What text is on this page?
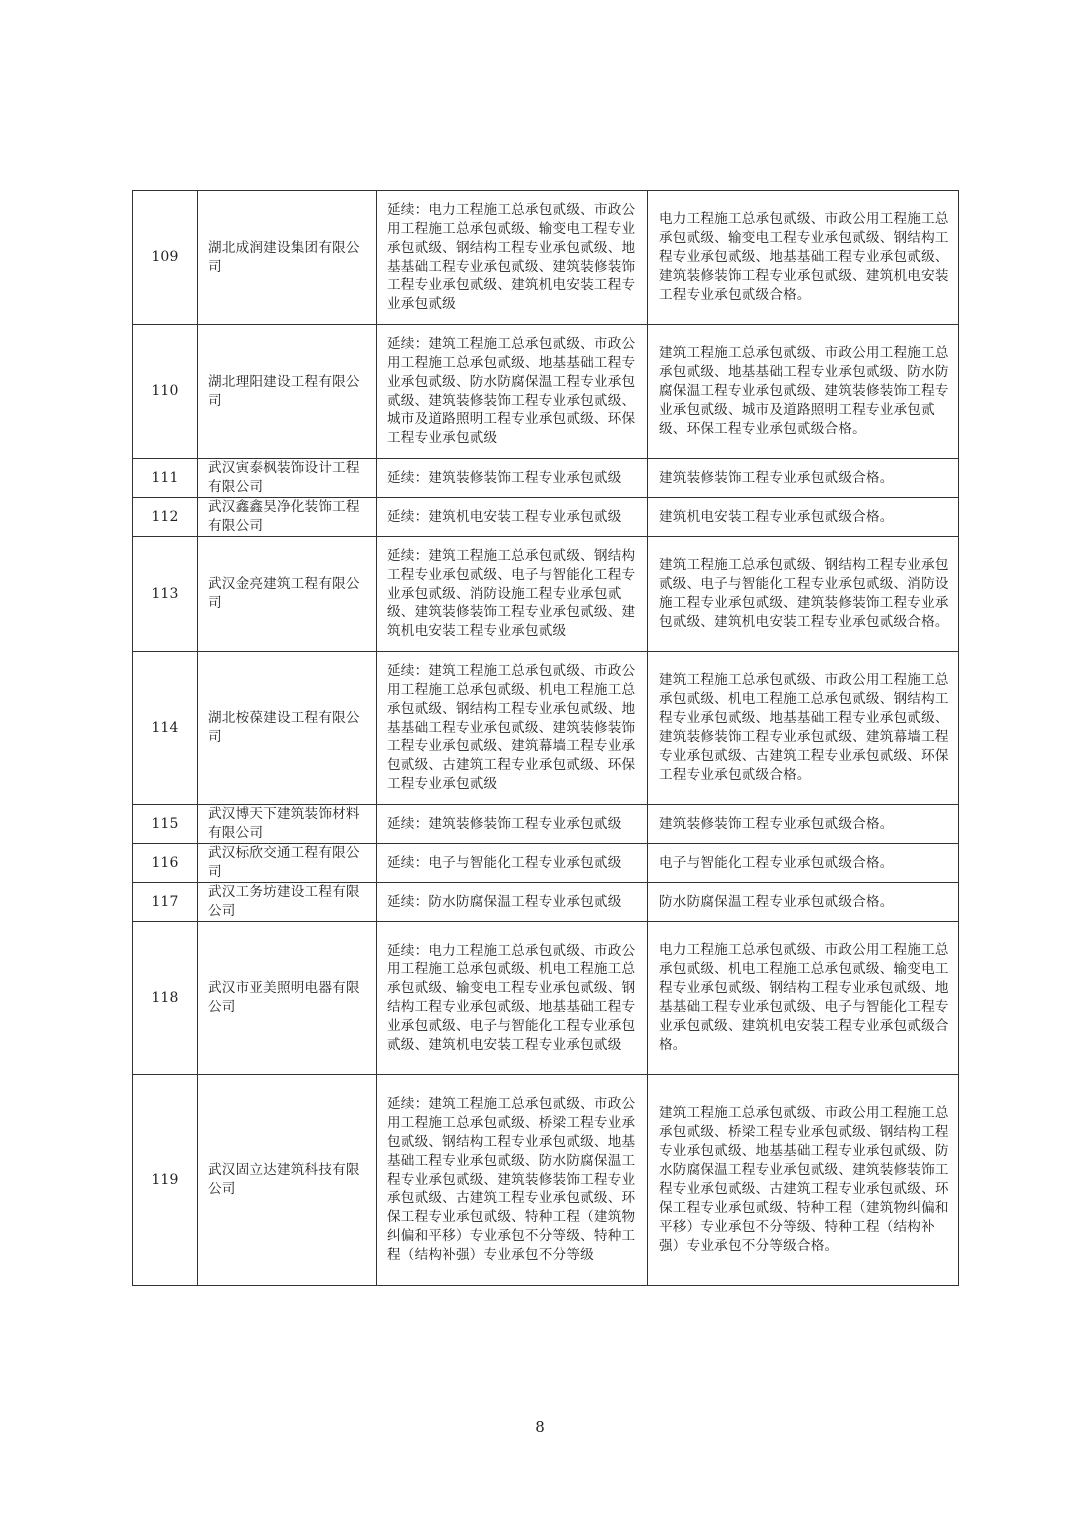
109	湖北成润建设集团有限公司	延续：电力工程施工总承包贰级、市政公用工程施工总承包贰级、输变电工程专业承包贰级、钢结构工程专业承包贰级、地基基础工程专业承包贰级、建筑装修装饰工程专业承包贰级、建筑机电安装工程专业承包贰级	电力工程施工总承包贰级、市政公用工程施工总承包贰级、输变电工程专业承包贰级、钢结构工程专业承包贰级、地基基础工程专业承包贰级、建筑装修装饰工程专业承包贰级、建筑机电安装工程专业承包贰级合格。
110	湖北理阳建设工程有限公司	延续：建筑工程施工总承包贰级、市政公用工程施工总承包贰级、地基基础工程专业承包贰级、防水防腐保温工程专业承包贰级、建筑装修装饰工程专业承包贰级、城市及道路照明工程专业承包贰级、环保工程专业承包贰级	建筑工程施工总承包贰级、市政公用工程施工总承包贰级、地基基础工程专业承包贰级、防水防腐保温工程专业承包贰级、建筑装修装饰工程专业承包贰级、城市及道路照明工程专业承包贰级、环保工程专业承包贰级合格。
111	武汉寅泰枫装饰设计工程有限公司	延续：建筑装修装饰工程专业承包贰级	建筑装修装饰工程专业承包贰级合格。
112	武汉鑫鑫昊净化装饰工程有限公司	延续：建筑机电安装工程专业承包贰级	建筑机电安装工程专业承包贰级合格。
113	武汉金亮建筑工程有限公司	延续：建筑工程施工总承包贰级、钢结构工程专业承包贰级、电子与智能化工程专业承包贰级、消防设施工程专业承包贰级、建筑装修装饰工程专业承包贰级、建筑机电安装工程专业承包贰级	建筑工程施工总承包贰级、钢结构工程专业承包贰级、电子与智能化工程专业承包贰级、消防设施工程专业承包贰级、建筑装修装饰工程专业承包贰级、建筑机电安装工程专业承包贰级合格。
114	湖北桉葆建设工程有限公司	延续：建筑工程施工总承包贰级、市政公用工程施工总承包贰级、机电工程施工总承包贰级、钢结构工程专业承包贰级、地基基础工程专业承包贰级、建筑装修装饰工程专业承包贰级、建筑幕墙工程专业承包贰级、古建筑工程专业承包贰级、环保工程专业承包贰级	建筑工程施工总承包贰级、市政公用工程施工总承包贰级、机电工程施工总承包贰级、钢结构工程专业承包贰级、地基基础工程专业承包贰级、建筑装修装饰工程专业承包贰级、建筑幕墙工程专业承包贰级、古建筑工程专业承包贰级、环保工程专业承包贰级合格。
115	武汉博天下建筑装饰材料有限公司	延续：建筑装修装饰工程专业承包贰级	建筑装修装饰工程专业承包贰级合格。
116	武汉标欣交通工程有限公司	延续：电子与智能化工程专业承包贰级	电子与智能化工程专业承包贰级合格。
117	武汉工务坊建设工程有限公司	延续：防水防腐保温工程专业承包贰级	防水防腐保温工程专业承包贰级合格。
118	武汉市亚美照明电器有限公司	延续：电力工程施工总承包贰级、市政公用工程施工总承包贰级、机电工程施工总承包贰级、输变电工程专业承包贰级、钢结构工程专业承包贰级、地基基础工程专业承包贰级、电子与智能化工程专业承包贰级、建筑机电安装工程专业承包贰级	电力工程施工总承包贰级、市政公用工程施工总承包贰级、机电工程施工总承包贰级、输变电工程专业承包贰级、钢结构工程专业承包贰级、地基基础工程专业承包贰级、电子与智能化工程专业承包贰级、建筑机电安装工程专业承包贰级合格。
119	武汉固立达建筑科技有限公司	延续：建筑工程施工总承包贰级、市政公用工程施工总承包贰级、桥梁工程专业承包贰级、钢结构工程专业承包贰级、地基基础工程专业承包贰级、防水防腐保温工程专业承包贰级、建筑装修装饰工程专业承包贰级、古建筑工程专业承包贰级、环保工程专业承包贰级、特种工程（建筑物纠偏和平移）专业承包不分等级、特种工程（结构补强）专业承包不分等级	建筑工程施工总承包贰级、市政公用工程施工总承包贰级、桥梁工程专业承包贰级、钢结构工程专业承包贰级、地基基础工程专业承包贰级、防水防腐保温工程专业承包贰级、建筑装修装饰工程专业承包贰级、古建筑工程专业承包贰级、环保工程专业承包贰级、特种工程（建筑物纠偏和平移）专业承包不分等级、特种工程（结构补强）专业承包不分等级合格。
8
